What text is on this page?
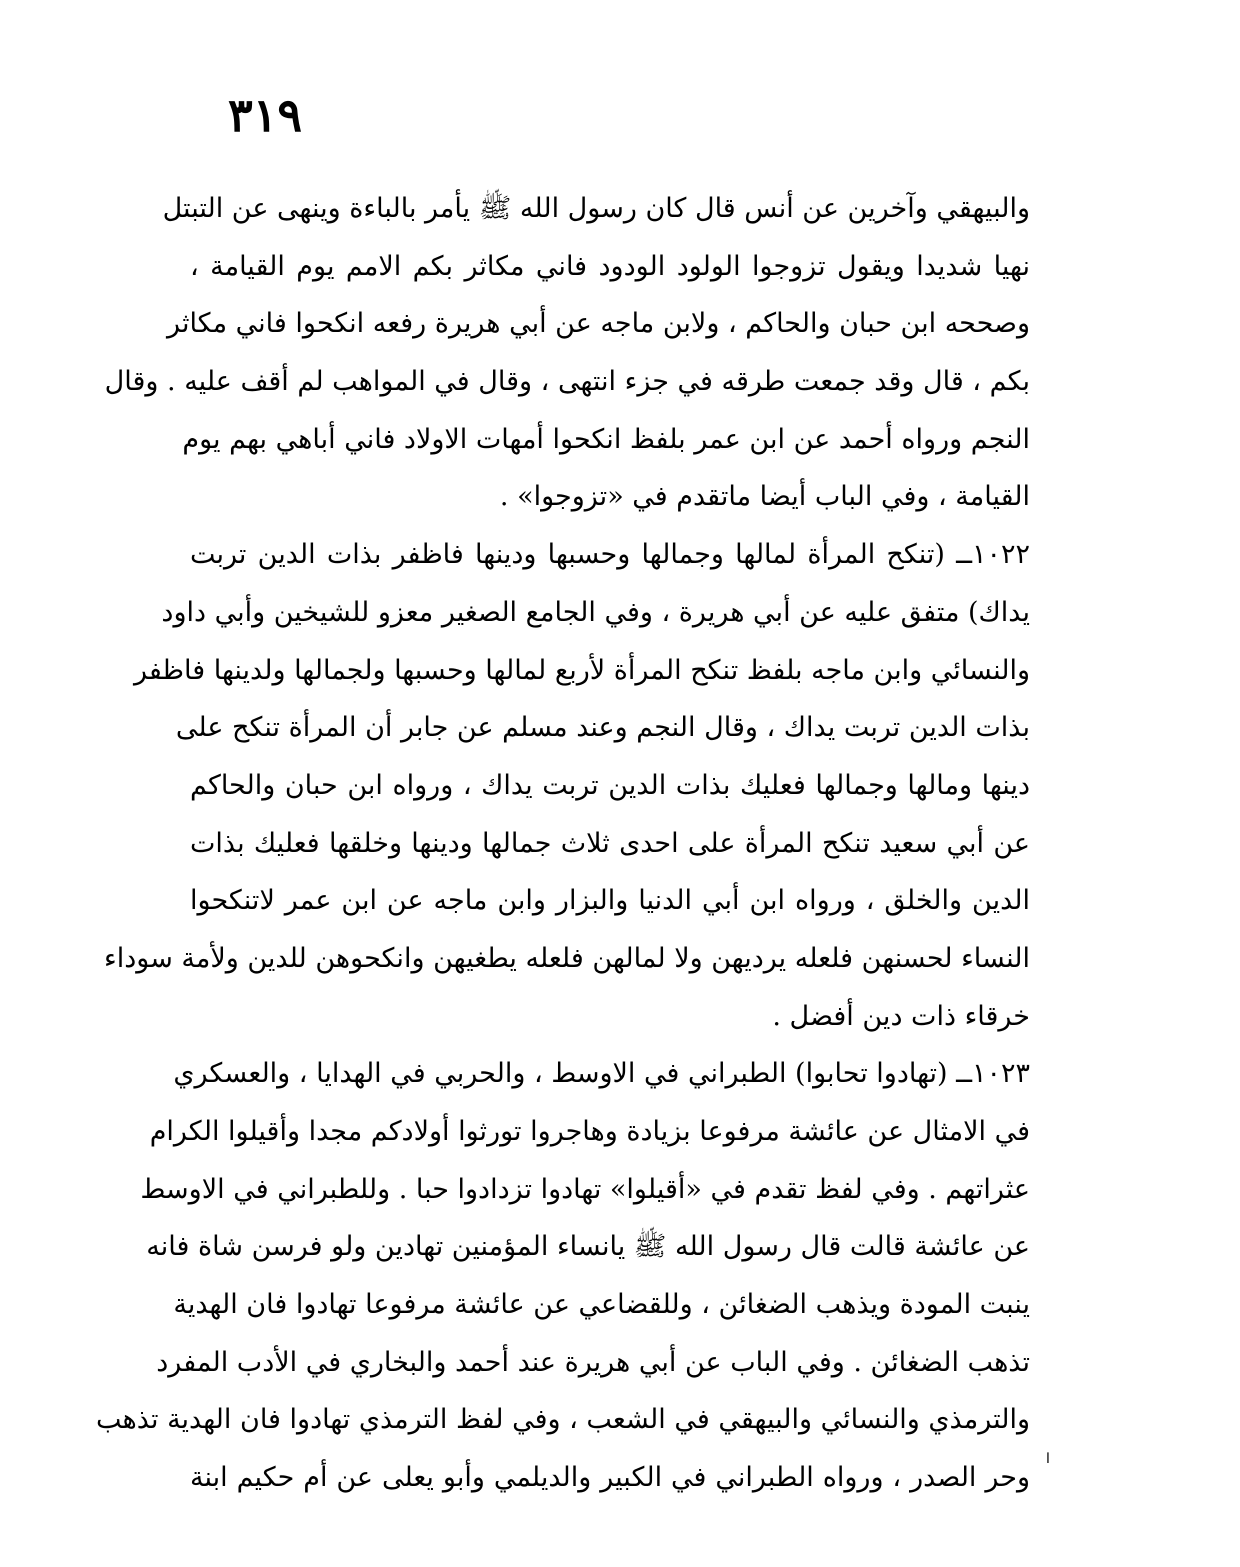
٣١٩
والبيهقي وآخرين عن أنس قال كان رسول الله ﷺ يأمر بالباءة وينهى عن التبتل
نهيا شديدا ويقول تزوجوا الولود الودود فاني مكاثر بكم الامم يوم القيامة ،
وصححه ابن حبان والحاكم ، ولابن ماجه عن أبي هريرة رفعه انكحوا فاني مكاثر
بكم ، قال وقد جمعت طرقه في جزء انتهى ، وقال في المواهب لم أقف عليه . وقال
النجم ورواه أحمد عن ابن عمر بلفظ انكحوا أمهات الاولاد فاني أباهي بهم يوم
القيامة ، وفي الباب أيضا ماتقدم في «تزوجوا» .
١٠٢٢ــ (تنكح المرأة لمالها وجمالها وحسبها ودينها فاظفر بذات الدين تربت
يداك) متفق عليه عن أبي هريرة ، وفي الجامع الصغير معزو للشيخين وأبي داود
والنسائي وابن ماجه بلفظ تنكح المرأة لأربع لمالها وحسبها ولجمالها ولدينها فاظفر
بذات الدين تربت يداك ، وقال النجم وعند مسلم عن جابر أن المرأة تنكح على
دينها ومالها وجمالها فعليك بذات الدين تربت يداك ، ورواه ابن حبان والحاكم
عن أبي سعيد تنكح المرأة على احدى ثلاث جمالها ودينها وخلقها فعليك بذات
الدين والخلق ، ورواه ابن أبي الدنيا والبزار وابن ماجه عن ابن عمر لاتنكحوا
النساء لحسنهن فلعله يرديهن ولا لمالهن فلعله يطغيهن وانكحوهن للدين ولأمة سوداء
خرقاء ذات دين أفضل .
١٠٢٣ــ (تهادوا تحابوا) الطبراني في الاوسط ، والحربي في الهدايا ، والعسكري
في الامثال عن عائشة مرفوعا بزيادة وهاجروا تورثوا أولادكم مجدا وأقيلوا الكرام
عثراتهم . وفي لفظ تقدم في «أقيلوا» تهادوا تزدادوا حبا . وللطبراني في الاوسط
عن عائشة قالت قال رسول الله ﷺ يانساء المؤمنين تهادين ولو فرسن شاة فانه
ينبت المودة ويذهب الضغائن ، وللقضاعي عن عائشة مرفوعا تهادوا فان الهدية
تذهب الضغائن . وفي الباب عن أبي هريرة عند أحمد والبخاري في الأدب المفرد
والترمذي والنسائي والبيهقي في الشعب ، وفي لفظ الترمذي تهادوا فان الهدية تذهب
وحر الصدر ، ورواه الطبراني في الكبير والديلمي وأبو يعلى عن أم حكيم ابنة
ا
